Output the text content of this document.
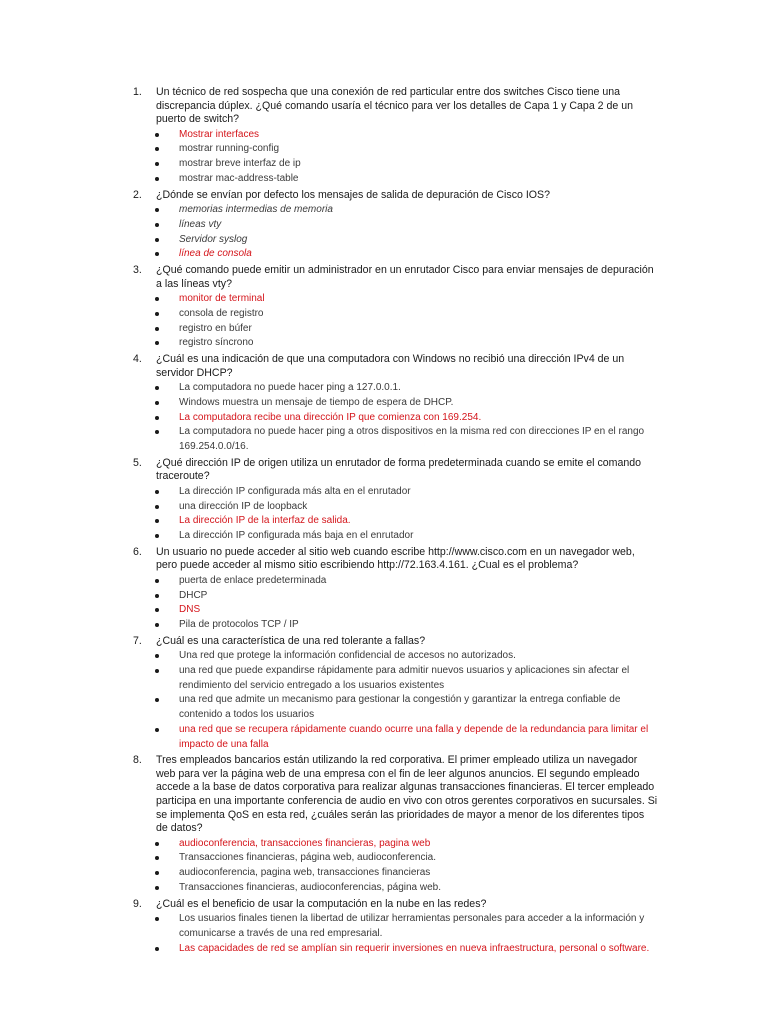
1. Un técnico de red sospecha que una conexión de red particular entre dos switches Cisco tiene una discrepancia dúplex. ¿Qué comando usaría el técnico para ver los detalles de Capa 1 y Capa 2 de un puerto de switch?
Mostrar interfaces
mostrar running-config
mostrar breve interfaz de ip
mostrar mac-address-table
2. ¿Dónde se envían por defecto los mensajes de salida de depuración de Cisco IOS?
memorias intermedias de memoria
líneas vty
Servidor syslog
línea de consola
3. ¿Qué comando puede emitir un administrador en un enrutador Cisco para enviar mensajes de depuración a las líneas vty?
monitor de terminal
consola de registro
registro en búfer
registro síncrono
4. ¿Cuál es una indicación de que una computadora con Windows no recibió una dirección IPv4 de un servidor DHCP?
La computadora no puede hacer ping a 127.0.0.1.
Windows muestra un mensaje de tiempo de espera de DHCP.
La computadora recibe una dirección IP que comienza con 169.254.
La computadora no puede hacer ping a otros dispositivos en la misma red con direcciones IP en el rango 169.254.0.0/16.
5. ¿Qué dirección IP de origen utiliza un enrutador de forma predeterminada cuando se emite el comando traceroute?
La dirección IP configurada más alta en el enrutador
una dirección IP de loopback
La dirección IP de la interfaz de salida.
La dirección IP configurada más baja en el enrutador
6. Un usuario no puede acceder al sitio web cuando escribe http://www.cisco.com en un navegador web, pero puede acceder al mismo sitio escribiendo http://72.163.4.161. ¿Cual es el problema?
puerta de enlace predeterminada
DHCP
DNS
Pila de protocolos TCP / IP
7. ¿Cuál es una característica de una red tolerante a fallas?
Una red que protege la información confidencial de accesos no autorizados.
una red que puede expandirse rápidamente para admitir nuevos usuarios y aplicaciones sin afectar el rendimiento del servicio entregado a los usuarios existentes
una red que admite un mecanismo para gestionar la congestión y garantizar la entrega confiable de contenido a todos los usuarios
una red que se recupera rápidamente cuando ocurre una falla y depende de la redundancia para limitar el impacto de una falla
8. Tres empleados bancarios están utilizando la red corporativa. El primer empleado utiliza un navegador web para ver la página web de una empresa con el fin de leer algunos anuncios. El segundo empleado accede a la base de datos corporativa para realizar algunas transacciones financieras. El tercer empleado participa en una importante conferencia de audio en vivo con otros gerentes corporativos en sucursales. Si se implementa QoS en esta red, ¿cuáles serán las prioridades de mayor a menor de los diferentes tipos de datos?
audioconferencia, transacciones financieras, pagina web
Transacciones financieras, página web, audioconferencia.
audioconferencia, pagina web, transacciones financieras
Transacciones financieras, audioconferencias, página web.
9. ¿Cuál es el beneficio de usar la computación en la nube en las redes?
Los usuarios finales tienen la libertad de utilizar herramientas personales para acceder a la información y comunicarse a través de una red empresarial.
Las capacidades de red se amplían sin requerir inversiones en nueva infraestructura, personal o software.
